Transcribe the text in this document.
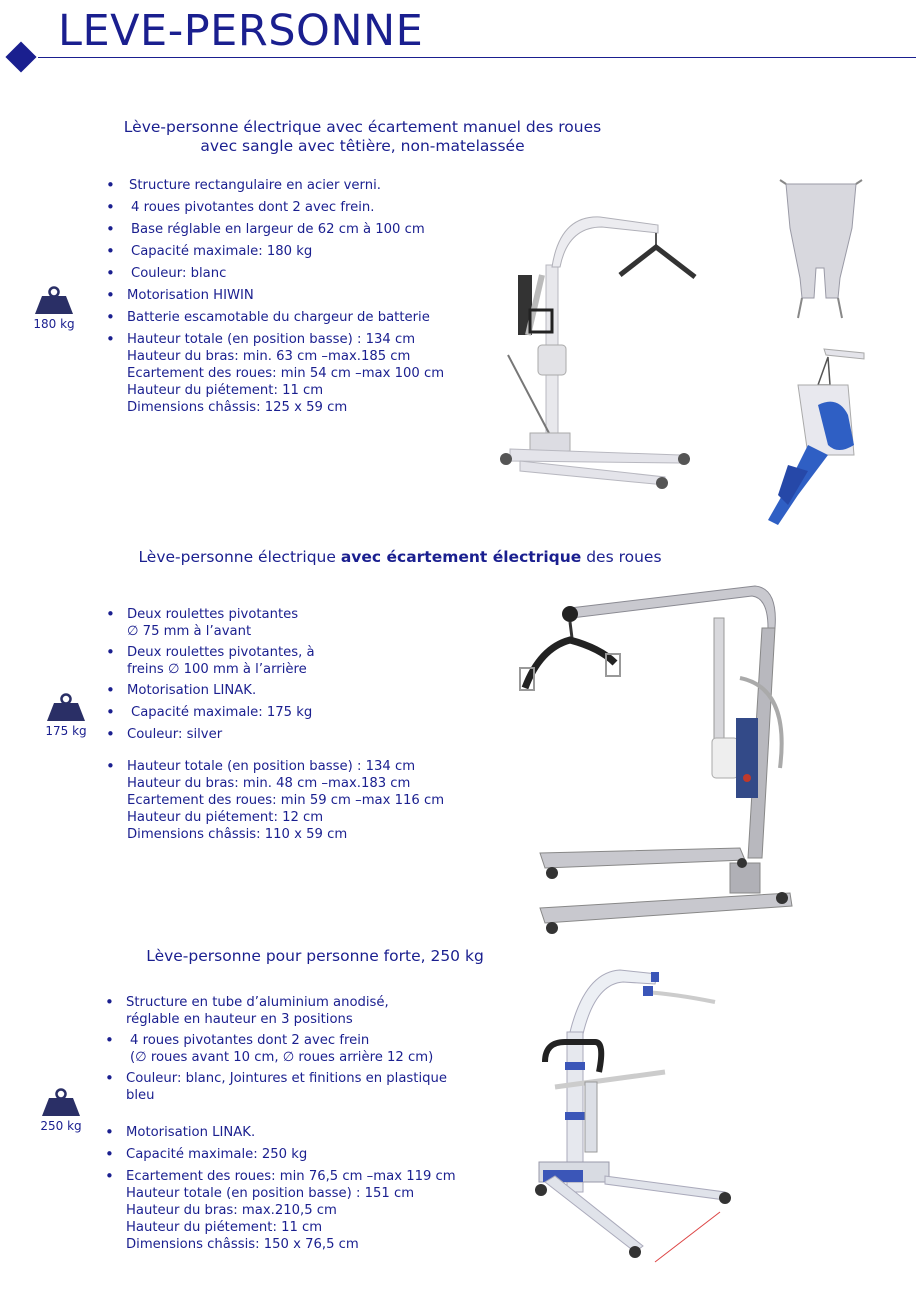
LEVE-PERSONNE
Lève-personne électrique avec écartement manuel des roues
avec sangle avec têtière, non-matelassée
180 kg
• Structure rectangulaire en acier verni.
• 4 roues pivotantes dont 2 avec frein.
• Base réglable en largeur de 62 cm à 100 cm
• Capacité maximale: 180 kg
• Couleur: blanc
• Motorisation HIWIN
• Batterie escamotable du chargeur de batterie
• Hauteur totale (en position basse) : 134 cm
Hauteur du bras: min. 63 cm –max.185 cm
Ecartement des roues: min 54 cm –max 100 cm
Hauteur du piétement: 11 cm
Dimensions châssis: 125 x 59 cm
Lève-personne électrique avec écartement électrique des roues
175 kg
• Deux roulettes pivotantes
∅ 75 mm à l’avant
• Deux roulettes pivotantes, à
freins ∅ 100 mm à l’arrière
• Motorisation LINAK.
• Capacité maximale: 175 kg
• Couleur: silver
• Hauteur totale (en position basse) : 134 cm
Hauteur du bras: min. 48 cm –max.183 cm
Ecartement des roues: min 59 cm –max 116 cm
Hauteur du piétement: 12 cm
Dimensions châssis: 110 x 59 cm
Lève-personne pour personne forte, 250 kg
250 kg
• Structure en tube d’aluminium anodisé,
réglable en hauteur en 3 positions
• 4 roues pivotantes dont 2 avec frein
(∅ roues avant 10 cm, ∅ roues arrière 12 cm)
• Couleur: blanc, Jointures et finitions en plastique
bleu
• Motorisation LINAK.
• Capacité maximale: 250 kg
• Ecartement des roues: min 76,5 cm –max 119 cm
Hauteur totale (en position basse) : 151 cm
Hauteur du bras: max.210,5 cm
Hauteur du piétement: 11 cm
Dimensions châssis: 150 x 76,5 cm
